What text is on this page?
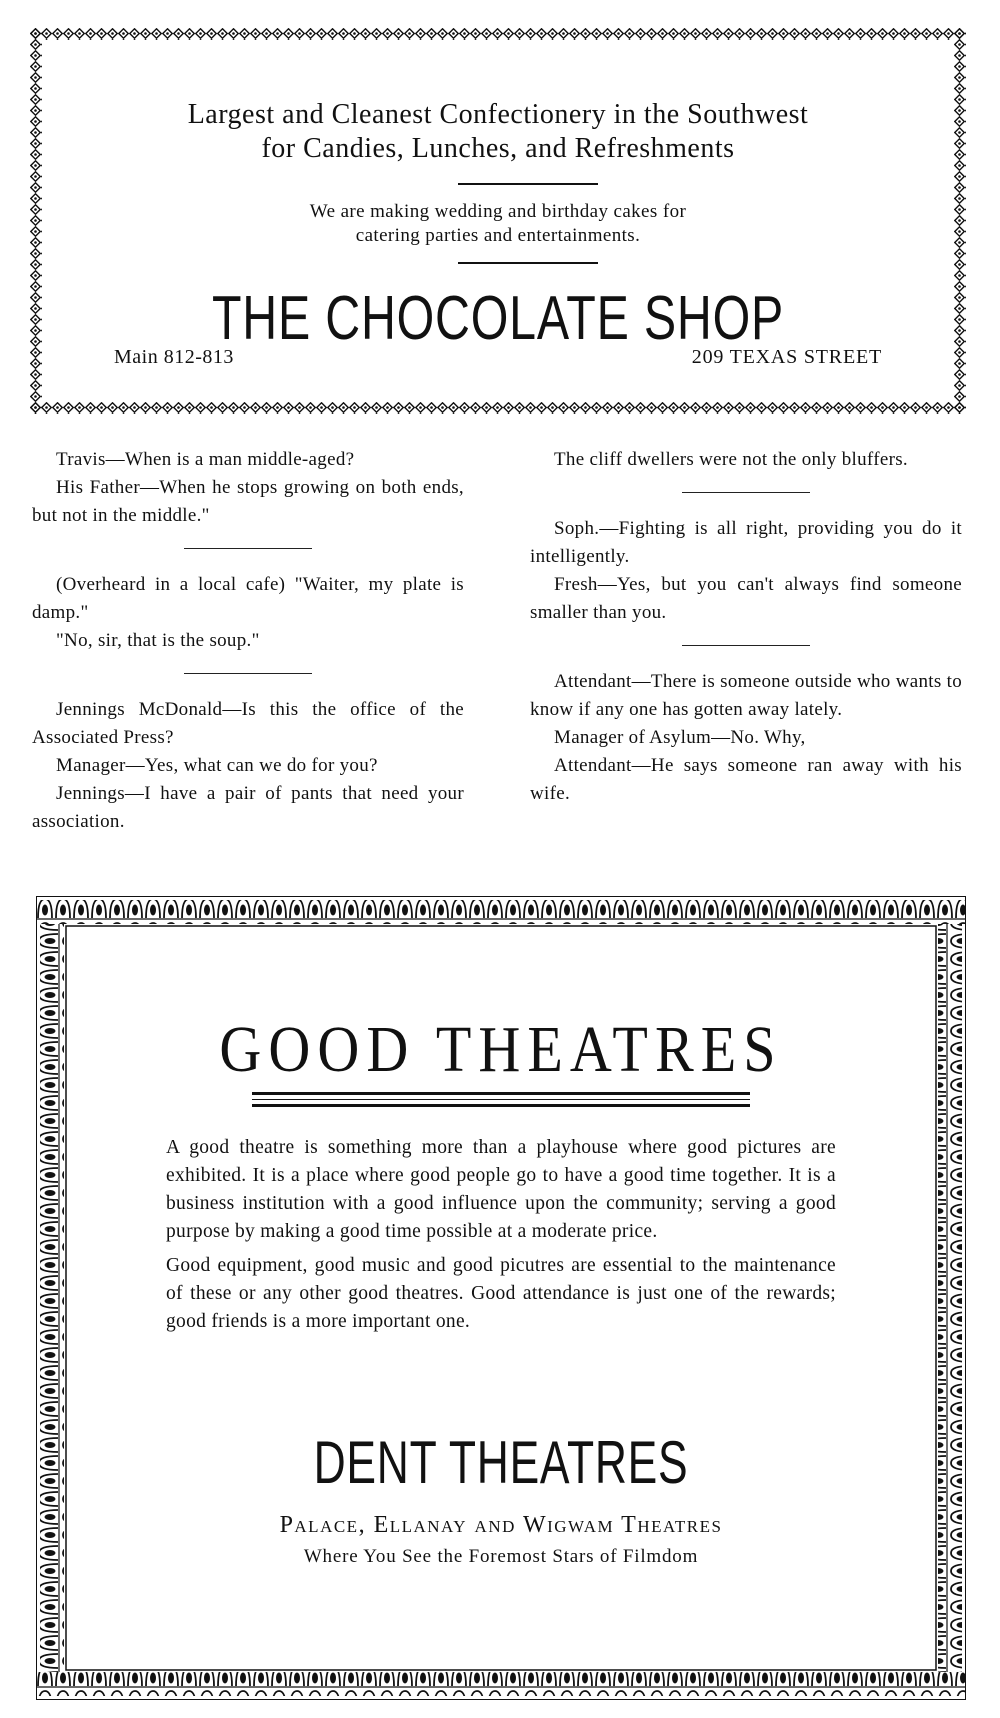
Largest and Cleanest Confectionery in the Southwest
for Candies, Lunches, and Refreshments
We are making wedding and birthday cakes for
catering parties and entertainments.
THE CHOCOLATE SHOP
Main 812-813	209 TEXAS STREET

Travis—When is a man middle-aged?

His Father—When he stops growing on both ends, but not in the middle."

(Overheard in a local cafe) "Waiter, my plate is damp."

"No, sir, that is the soup."

Jennings McDonald—Is this the office of the Associated Press?

Manager—Yes, what can we do for you?

Jennings—I have a pair of pants that need your association.

The cliff dwellers were not the only bluffers.

Soph.—Fighting is all right, providing you do it intelligently.

Fresh—Yes, but you can't always find someone smaller than you.

Attendant—There is someone outside who wants to know if any one has gotten away lately.

Manager of Asylum—No. Why,

Attendant—He says someone ran away with his wife.

GOOD THEATRES

A good theatre is something more than a playhouse where good pictures are exhibited. It is a place where good people go to have a good time together. It is a business institution with a good influence upon the community; serving a good purpose by making a good time possible at a moderate price.

Good equipment, good music and good picutres are essential to the maintenance of these or any other good theatres. Good attendance is just one of the rewards; good friends is a more important one.

DENT THEATRES
Palace, Ellanay and Wigwam Theatres
Where You See the Foremost Stars of Filmdom
